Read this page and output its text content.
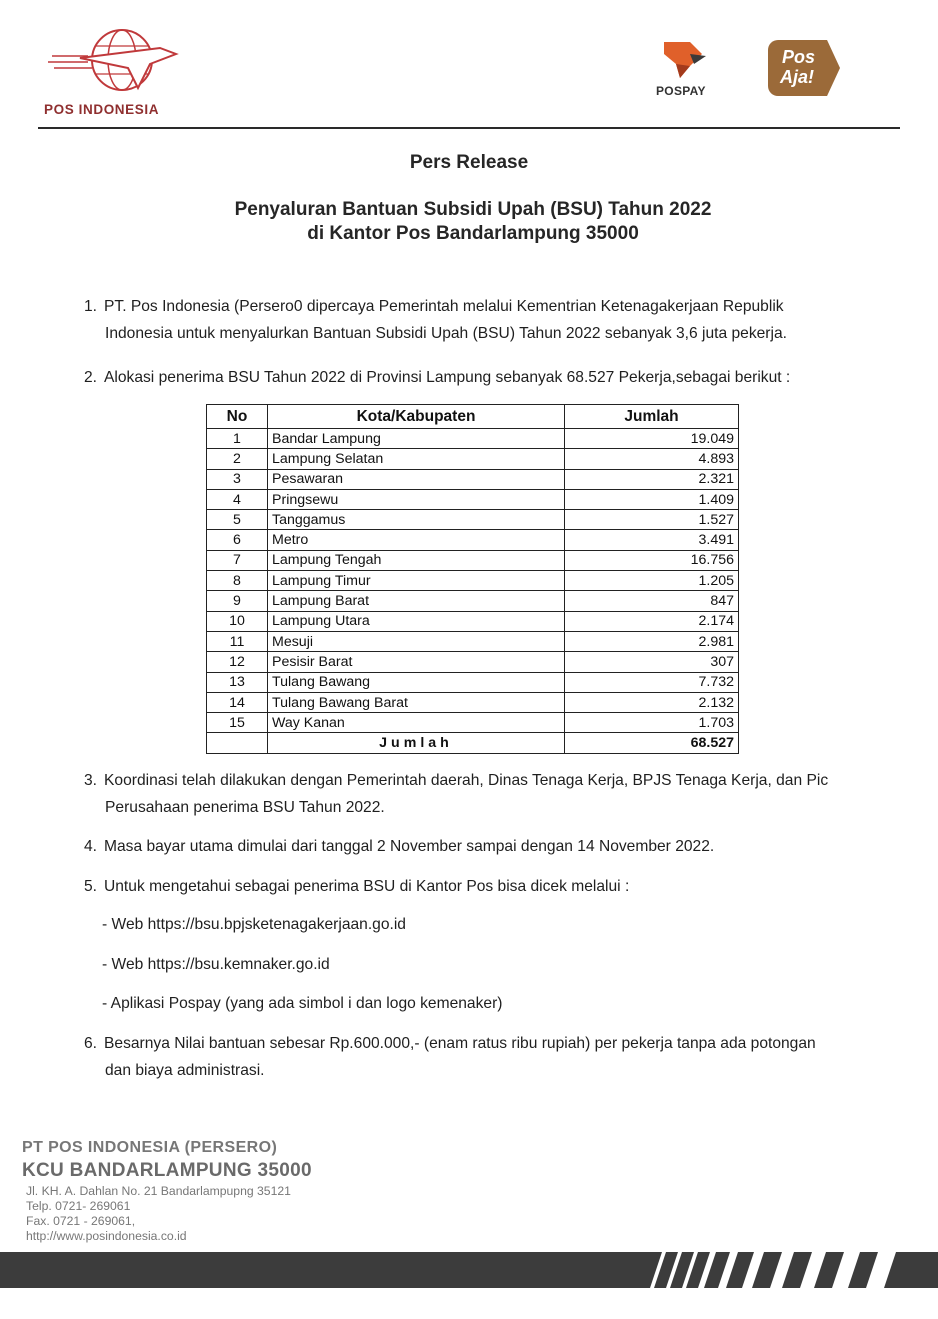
POS INDONESIA
POSPAY
Pos
Aja!
Pers Release
Penyaluran Bantuan Subsidi Upah (BSU) Tahun 2022
di Kantor Pos Bandarlampung 35000
1. PT. Pos Indonesia (Persero0 dipercaya Pemerintah melalui Kementrian Ketenagakerjaan Republik
Indonesia untuk menyalurkan Bantuan Subsidi Upah (BSU) Tahun 2022 sebanyak 3,6 juta pekerja.
2. Alokasi penerima BSU Tahun 2022 di Provinsi Lampung sebanyak 68.527 Pekerja,sebagai berikut :
No	Kota/Kabupaten	Jumlah
1	Bandar Lampung	19.049
2	Lampung Selatan	4.893
3	Pesawaran	2.321
4	Pringsewu	1.409
5	Tanggamus	1.527
6	Metro	3.491
7	Lampung Tengah	16.756
8	Lampung Timur	1.205
9	Lampung Barat	847
10	Lampung Utara	2.174
11	Mesuji	2.981
12	Pesisir Barat	307
13	Tulang Bawang	7.732
14	Tulang Bawang Barat	2.132
15	Way Kanan	1.703
	Jumlah	68.527
3. Koordinasi telah dilakukan dengan Pemerintah daerah, Dinas Tenaga Kerja, BPJS Tenaga Kerja, dan Pic
Perusahaan penerima BSU Tahun 2022.
4. Masa bayar utama dimulai dari tanggal 2 November sampai dengan 14 November 2022.
5. Untuk mengetahui sebagai penerima BSU di Kantor Pos bisa dicek melalui :
- Web https://bsu.bpjsketenagakerjaan.go.id
- Web https://bsu.kemnaker.go.id
- Aplikasi Pospay (yang ada simbol i dan logo kemenaker)
6. Besarnya Nilai bantuan sebesar Rp.600.000,- (enam ratus ribu rupiah) per pekerja tanpa ada potongan
dan biaya administrasi.
PT POS INDONESIA (PERSERO)
KCU BANDARLAMPUNG 35000
Jl. KH. A. Dahlan No. 21 Bandarlampupng 35121
Telp. 0721- 269061
Fax. 0721 - 269061,
http://www.posindonesia.co.id
